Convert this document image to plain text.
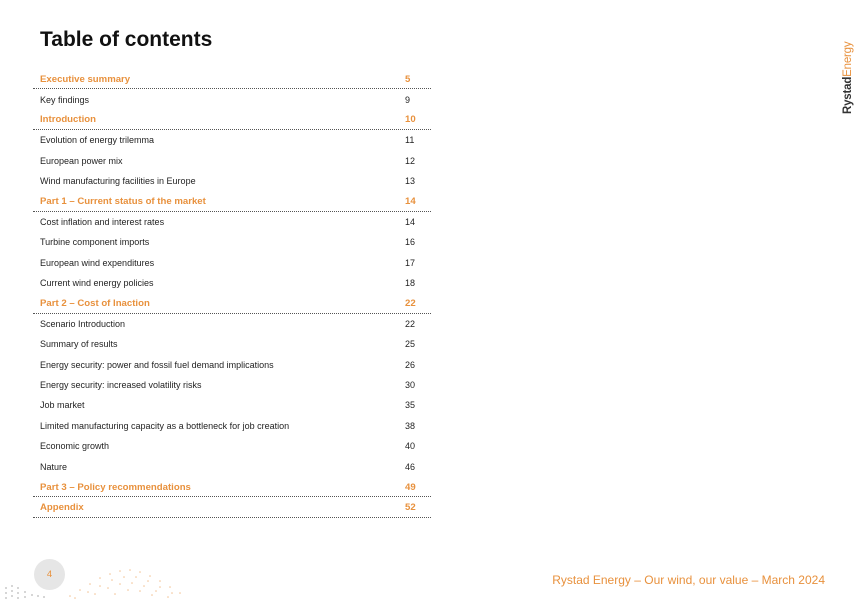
Table of contents
Executive summary	5
Key findings	9
Introduction	10
Evolution of energy trilemma	11
European power mix	12
Wind manufacturing facilities in Europe	13
Part 1 – Current status of the market	14
Cost inflation and interest rates	14
Turbine component imports	16
European wind expenditures	17
Current wind energy policies	18
Part 2 – Cost of Inaction	22
Scenario Introduction	22
Summary of results	25
Energy security: power and fossil fuel demand implications	26
Energy security: increased volatility risks	30
Job market	35
Limited manufacturing capacity as a bottleneck for job creation	38
Economic growth	40
Nature	46
Part 3 – Policy recommendations	49
Appendix	52
RystadEnergy
4	Rystad Energy – Our wind, our value – March 2024
